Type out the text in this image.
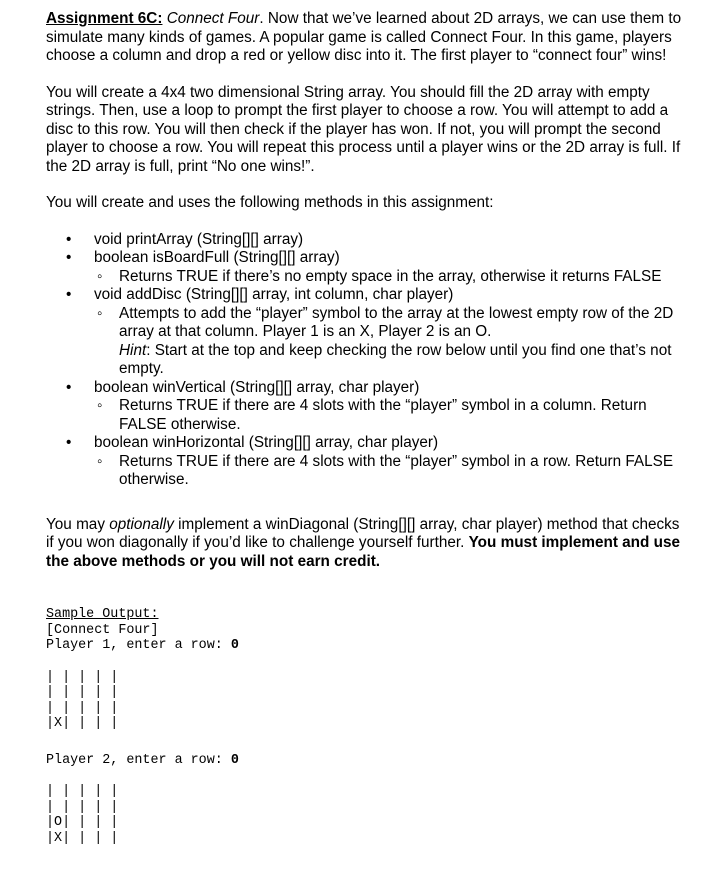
Assignment 6C: Connect Four. Now that we’ve learned about 2D arrays, we can use them to simulate many kinds of games. A popular game is called Connect Four. In this game, players choose a column and drop a red or yellow disc into it. The first player to “connect four” wins!

You will create a 4x4 two dimensional String array. You should fill the 2D array with empty strings. Then, use a loop to prompt the first player to choose a row. You will attempt to add a disc to this row. You will then check if the player has won. If not, you will prompt the second player to choose a row. You will repeat this process until a player wins or the 2D array is full. If the 2D array is full, print “No one wins!”.

You will create and uses the following methods in this assignment:

• void printArray (String[][] array)
• boolean isBoardFull (String[][] array)
◦ Returns TRUE if there’s no empty space in the array, otherwise it returns FALSE
• void addDisc (String[][] array, int column, char player)
◦ Attempts to add the “player” symbol to the array at the lowest empty row of the 2D array at that column. Player 1 is an X, Player 2 is an O.
Hint: Start at the top and keep checking the row below until you find one that’s not empty.
• boolean winVertical (String[][] array, char player)
◦ Returns TRUE if there are 4 slots with the “player” symbol in a column. Return FALSE otherwise.
• boolean winHorizontal (String[][] array, char player)
◦ Returns TRUE if there are 4 slots with the “player” symbol in a row. Return FALSE otherwise.

You may optionally implement a winDiagonal (String[][] array, char player) method that checks if you won diagonally if you’d like to challenge yourself further. You must implement and use the above methods or you will not earn credit.

Sample Output:
[Connect Four]
Player 1, enter a row: 0
| | | | |
| | | | |
| | | | |
|X| | | |
Player 2, enter a row: 0
| | | | |
| | | | |
|O| | | |
|X| | | |
